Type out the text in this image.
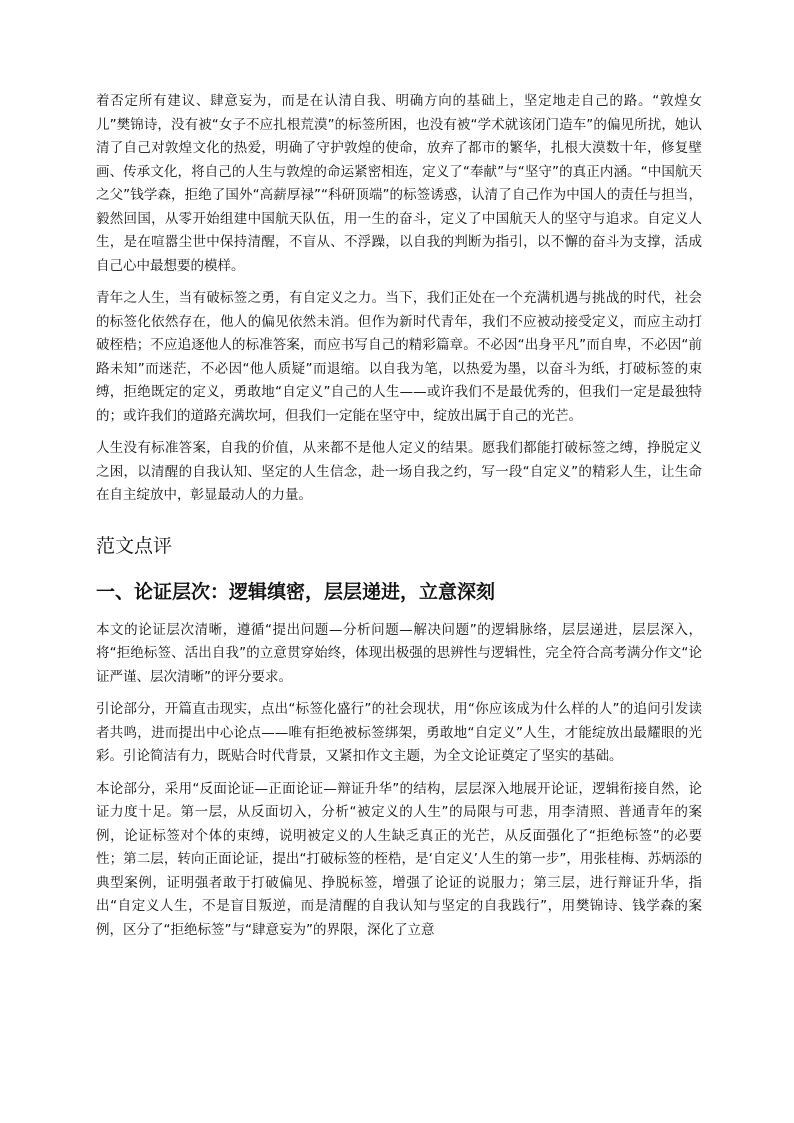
着否定所有建议、肆意妄为，而是在认清自我、明确方向的基础上，坚定地走自己的路。“敦煌女儿”樊锦诗，没有被“女子不应扎根荒漠”的标签所困，也没有被“学术就该闭门造车”的偏见所扰，她认清了自己对敦煌文化的热爱，明确了守护敦煌的使命，放弃了都市的繁华，扎根大漠数十年，修复壁画、传承文化，将自己的人生与敦煌的命运紧密相连，定义了“奉献”与“坚守”的真正内涵。“中国航天之父”钱学森，拒绝了国外“高薪厚禄”“科研顶端”的标签诱惑，认清了自己作为中国人的责任与担当，毅然回国，从零开始组建中国航天队伍，用一生的奋斗，定义了中国航天人的坚守与追求。自定义人生，是在喧嚣尘世中保持清醒，不盲从、不浮躁，以自我的判断为指引，以不懈的奋斗为支撑，活成自己心中最想要的模样。

青年之人生，当有破标签之勇，有自定义之力。当下，我们正处在一个充满机遇与挑战的时代，社会的标签化依然存在，他人的偏见依然未消。但作为新时代青年，我们不应被动接受定义，而应主动打破桎梏；不应追逐他人的标准答案，而应书写自己的精彩篇章。不必因“出身平凡”而自卑，不必因“前路未知”而迷茫，不必因“他人质疑”而退缩。以自我为笔，以热爱为墨，以奋斗为纸，打破标签的束缚，拒绝既定的定义，勇敢地“自定义”自己的人生——或许我们不是最优秀的，但我们一定是最独特的；或许我们的道路充满坎坷，但我们一定能在坚守中，绽放出属于自己的光芒。

人生没有标准答案，自我的价值，从来都不是他人定义的结果。愿我们都能打破标签之缚，挣脱定义之困，以清醒的自我认知、坚定的人生信念，赴一场自我之约，写一段“自定义”的精彩人生，让生命在自主绽放中，彰显最动人的力量。

范文点评
一、论证层次：逻辑缜密，层层递进，立意深刻

本文的论证层次清晰，遵循“提出问题—分析问题—解决问题”的逻辑脉络，层层递进，层层深入，将“拒绝标签、活出自我”的立意贯穿始终，体现出极强的思辨性与逻辑性，完全符合高考满分作文“论证严谨、层次清晰”的评分要求。

引论部分，开篇直击现实，点出“标签化盛行”的社会现状，用“你应该成为什么样的人”的追问引发读者共鸣，进而提出中心论点——唯有拒绝被标签绑架，勇敢地“自定义”人生，才能绽放出最耀眼的光彩。引论简洁有力，既贴合时代背景，又紧扣作文主题，为全文论证奠定了坚实的基础。

本论部分，采用“反面论证—正面论证—辩证升华”的结构，层层深入地展开论证，逻辑衔接自然，论证力度十足。第一层，从反面切入，分析“被定义的人生”的局限与可悲，用李清照、普通青年的案例，论证标签对个体的束缚，说明被定义的人生缺乏真正的光芒，从反面强化了“拒绝标签”的必要性；第二层，转向正面论证，提出“打破标签的桎梏，是‘自定义’人生的第一步”，用张桂梅、苏炳添的典型案例，证明强者敢于打破偏见、挣脱标签，增强了论证的说服力；第三层，进行辩证升华，指出“自定义人生，不是盲目叛逆，而是清醒的自我认知与坚定的自我践行”，用樊锦诗、钱学森的案例，区分了“拒绝标签”与“肆意妄为”的界限，深化了立意
